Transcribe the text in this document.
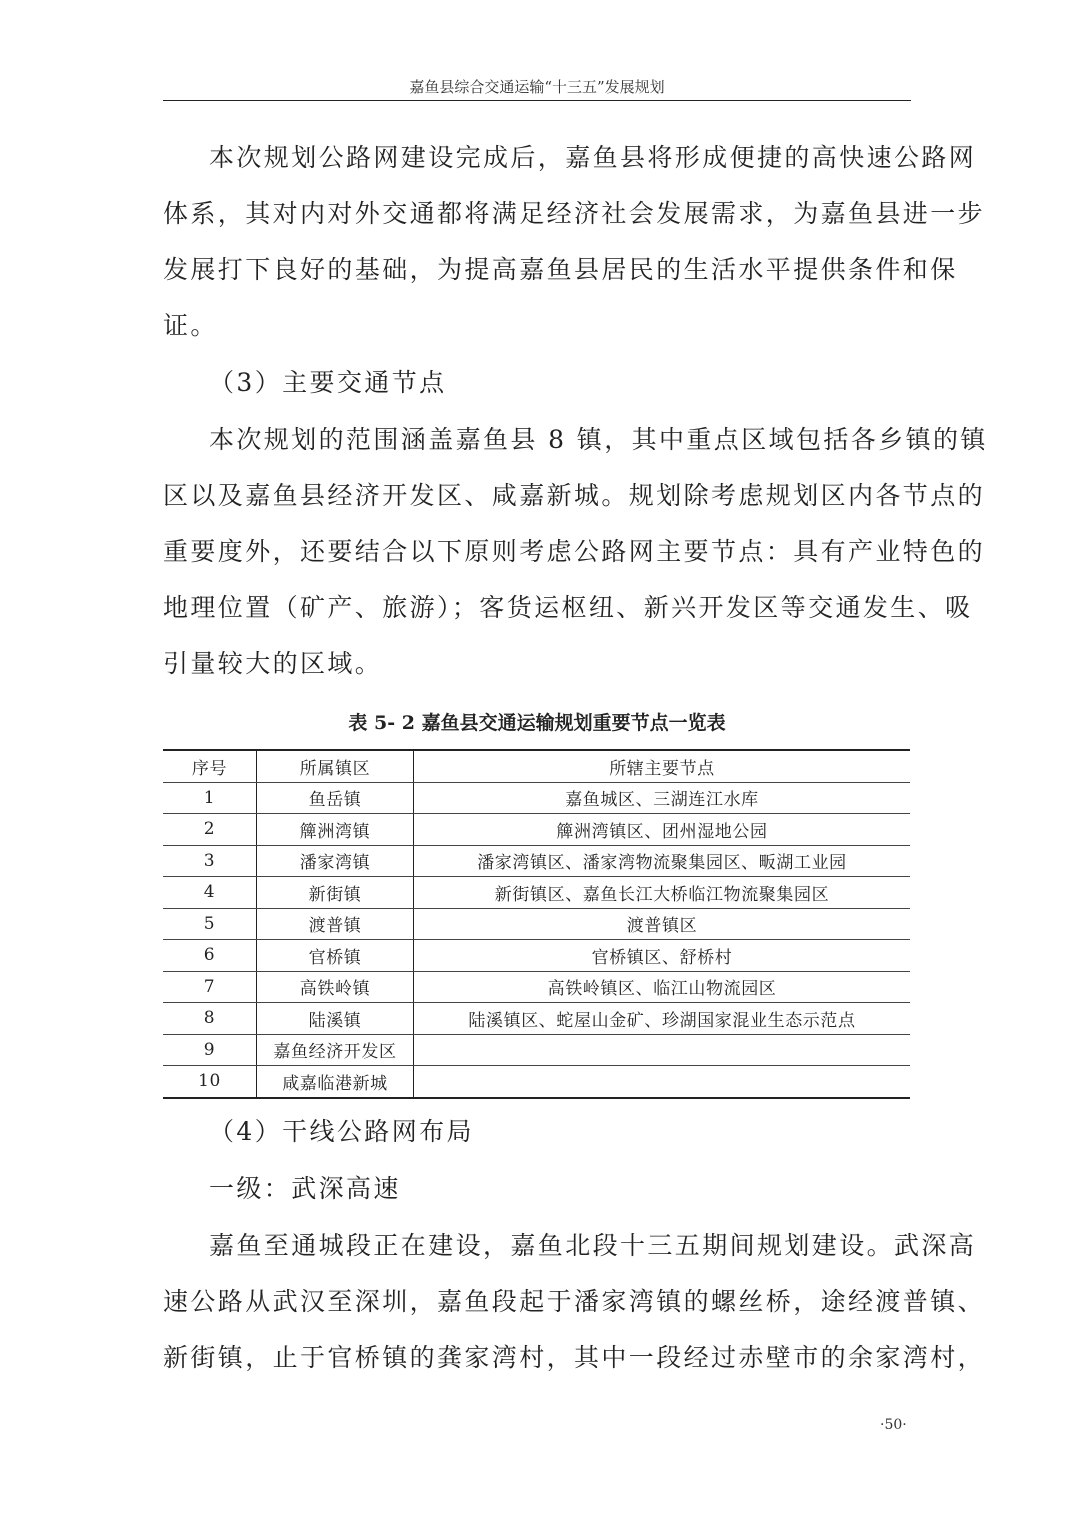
嘉鱼县综合交通运输“十三五”发展规划
本次规划公路网建设完成后，嘉鱼县将形成便捷的高快速公路网
体系，其对内对外交通都将满足经济社会发展需求，为嘉鱼县进一步
发展打下良好的基础，为提高嘉鱼县居民的生活水平提供条件和保
证。
（3）主要交通节点
本次规划的范围涵盖嘉鱼县 8 镇，其中重点区域包括各乡镇的镇
区以及嘉鱼县经济开发区、咸嘉新城。规划除考虑规划区内各节点的
重要度外，还要结合以下原则考虑公路网主要节点：具有产业特色的
地理位置（矿产、旅游）；客货运枢纽、新兴开发区等交通发生、吸
引量较大的区域。
表 5- 2 嘉鱼县交通运输规划重要节点一览表
序号	所属镇区	所辖主要节点
1	鱼岳镇	嘉鱼城区、三湖连江水库
2	簰洲湾镇	簰洲湾镇区、团州湿地公园
3	潘家湾镇	潘家湾镇区、潘家湾物流聚集园区、畈湖工业园
4	新街镇	新街镇区、嘉鱼长江大桥临江物流聚集园区
5	渡普镇	渡普镇区
6	官桥镇	官桥镇区、舒桥村
7	高铁岭镇	高铁岭镇区、临江山物流园区
8	陆溪镇	陆溪镇区、蛇屋山金矿、珍湖国家混业生态示范点
9	嘉鱼经济开发区	
10	咸嘉临港新城	
（4）干线公路网布局
一级：武深高速
嘉鱼至通城段正在建设，嘉鱼北段十三五期间规划建设。武深高
速公路从武汉至深圳，嘉鱼段起于潘家湾镇的螺丝桥，途经渡普镇、
新街镇，止于官桥镇的龚家湾村，其中一段经过赤壁市的余家湾村，
·50·
